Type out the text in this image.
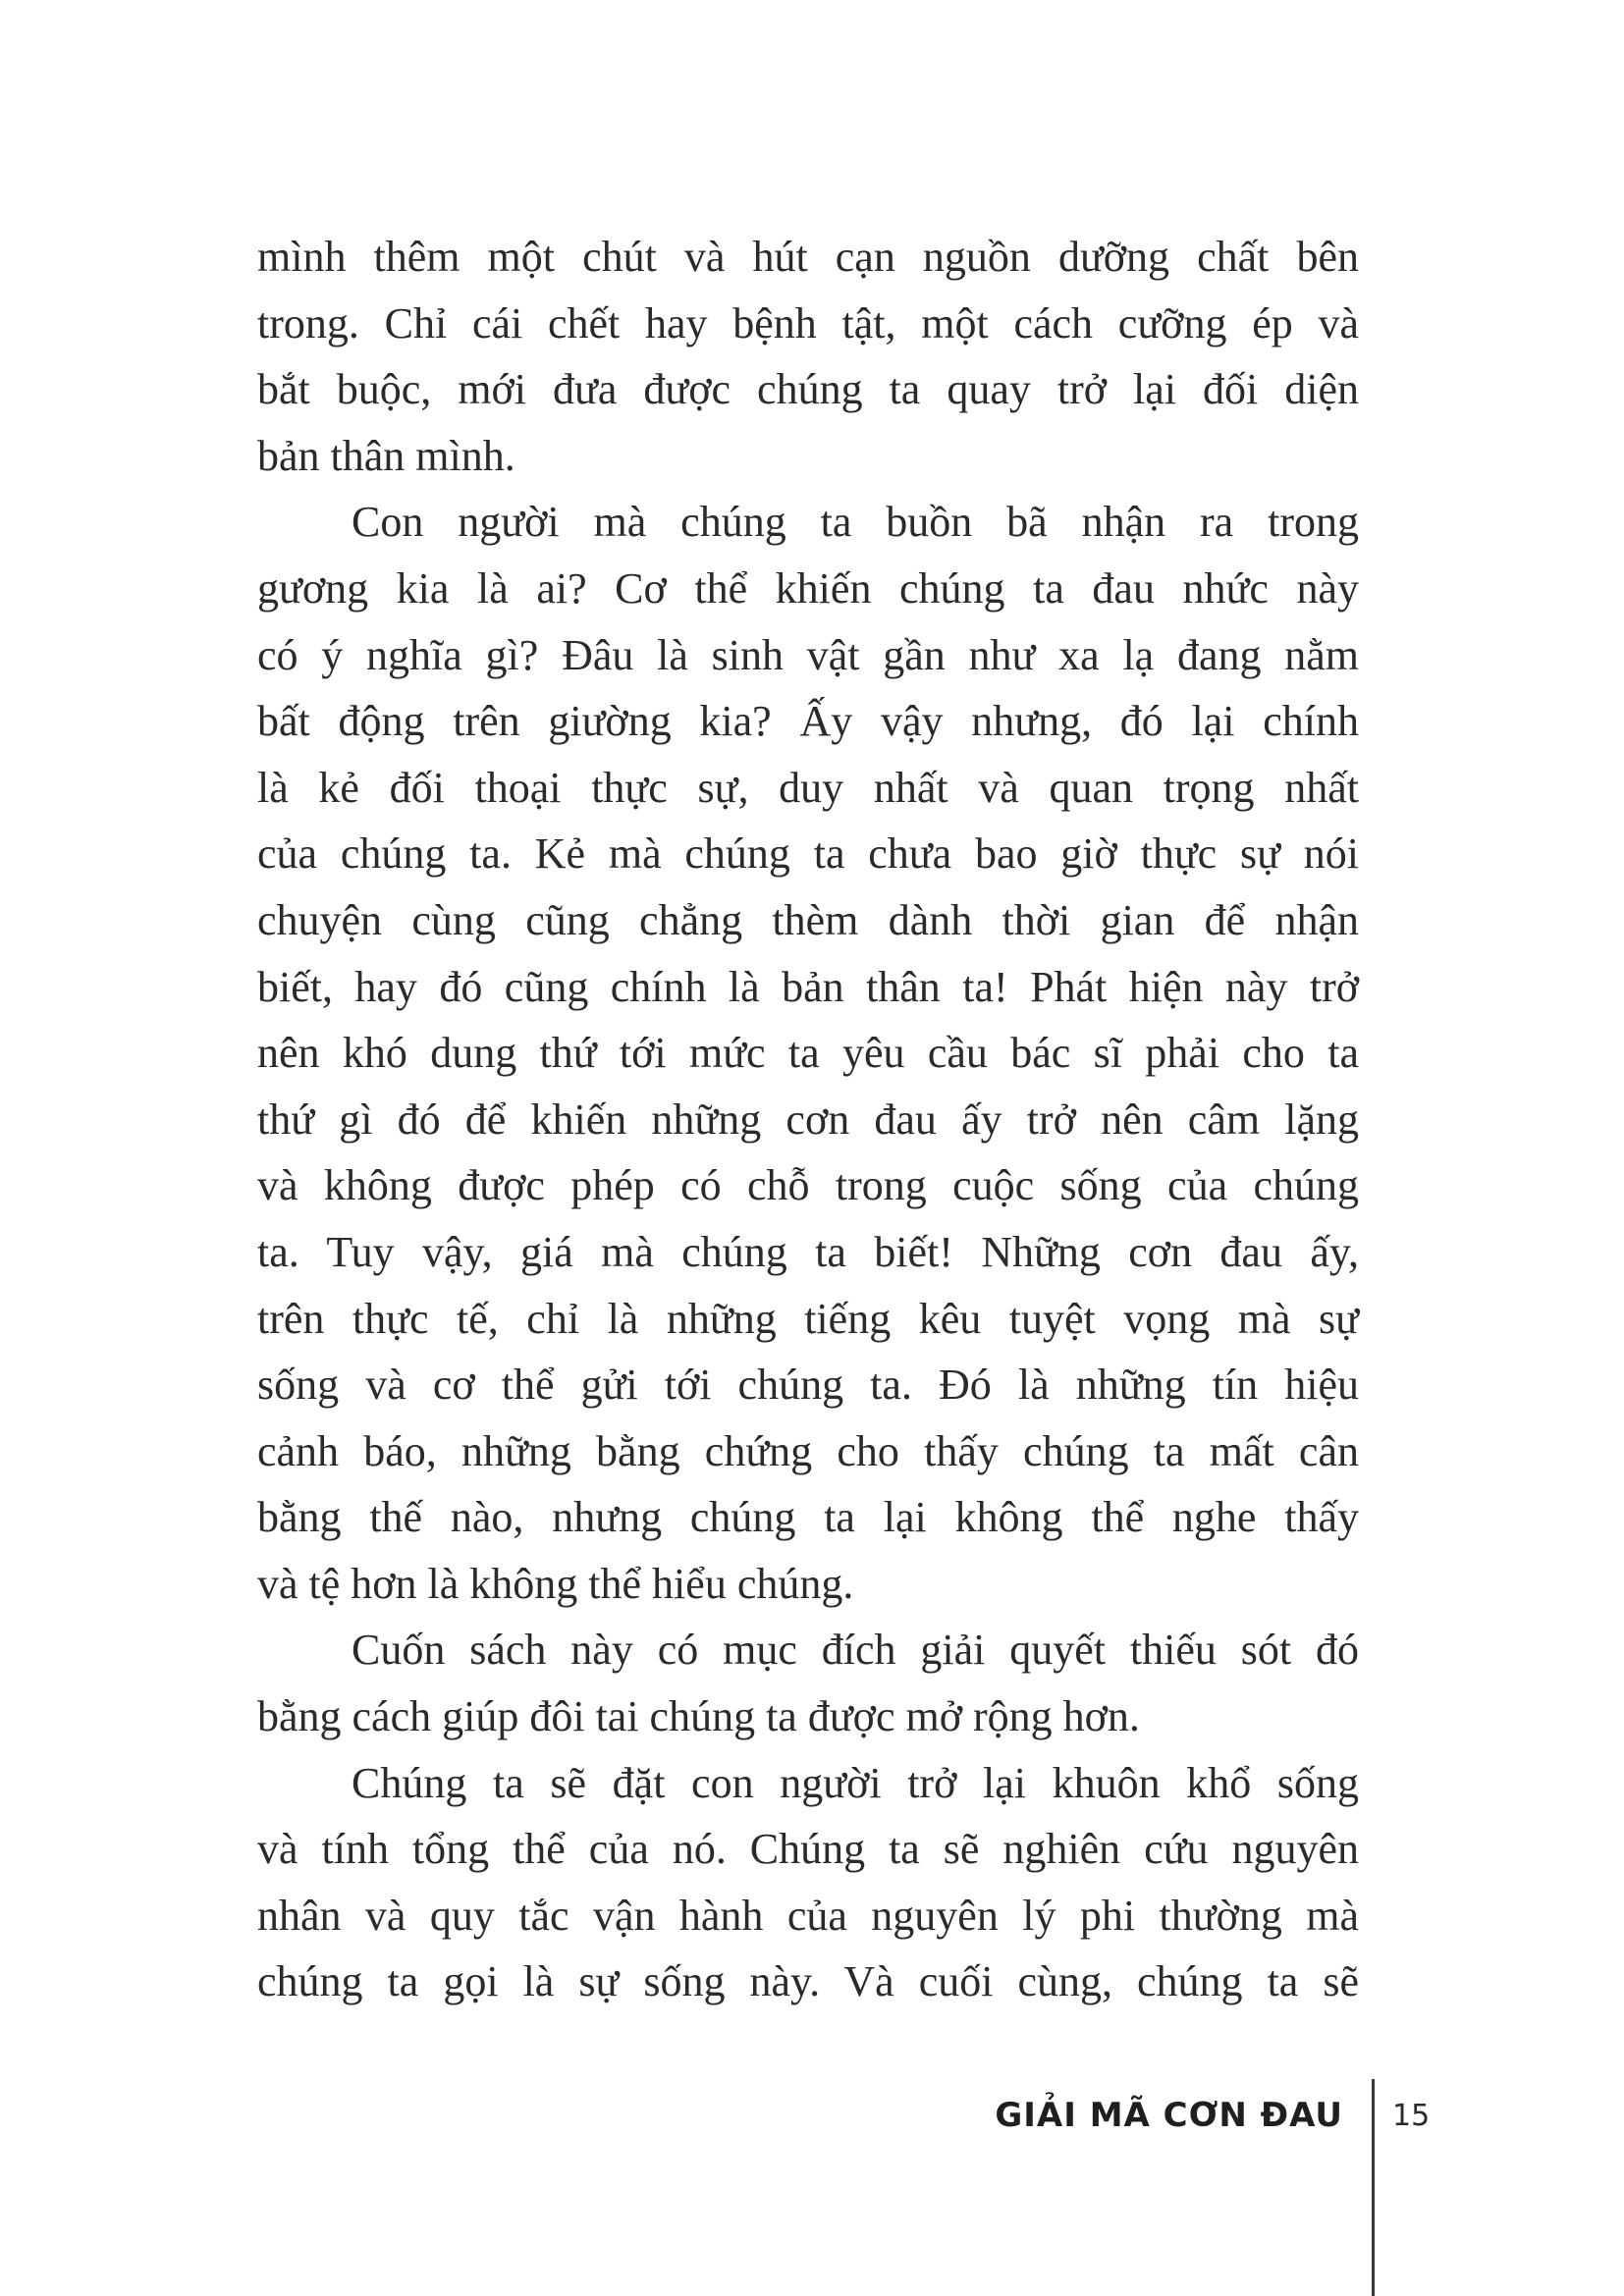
mình thêm một chút và hút cạn nguồn dưỡng chất bên
trong. Chỉ cái chết hay bệnh tật, một cách cưỡng ép và
bắt buộc, mới đưa được chúng ta quay trở lại đối diện
bản thân mình.
Con người mà chúng ta buồn bã nhận ra trong
gương kia là ai? Cơ thể khiến chúng ta đau nhức này
có ý nghĩa gì? Đâu là sinh vật gần như xa lạ đang nằm
bất động trên giường kia? Ấy vậy nhưng, đó lại chính
là kẻ đối thoại thực sự, duy nhất và quan trọng nhất
của chúng ta. Kẻ mà chúng ta chưa bao giờ thực sự nói
chuyện cùng cũng chẳng thèm dành thời gian để nhận
biết, hay đó cũng chính là bản thân ta! Phát hiện này trở
nên khó dung thứ tới mức ta yêu cầu bác sĩ phải cho ta
thứ gì đó để khiến những cơn đau ấy trở nên câm lặng
và không được phép có chỗ trong cuộc sống của chúng
ta. Tuy vậy, giá mà chúng ta biết! Những cơn đau ấy,
trên thực tế, chỉ là những tiếng kêu tuyệt vọng mà sự
sống và cơ thể gửi tới chúng ta. Đó là những tín hiệu
cảnh báo, những bằng chứng cho thấy chúng ta mất cân
bằng thế nào, nhưng chúng ta lại không thể nghe thấy
và tệ hơn là không thể hiểu chúng.
Cuốn sách này có mục đích giải quyết thiếu sót đó
bằng cách giúp đôi tai chúng ta được mở rộng hơn.
Chúng ta sẽ đặt con người trở lại khuôn khổ sống
và tính tổng thể của nó. Chúng ta sẽ nghiên cứu nguyên
nhân và quy tắc vận hành của nguyên lý phi thường mà
chúng ta gọi là sự sống này. Và cuối cùng, chúng ta sẽ
GIẢI MÃ CƠN ĐAU 15
